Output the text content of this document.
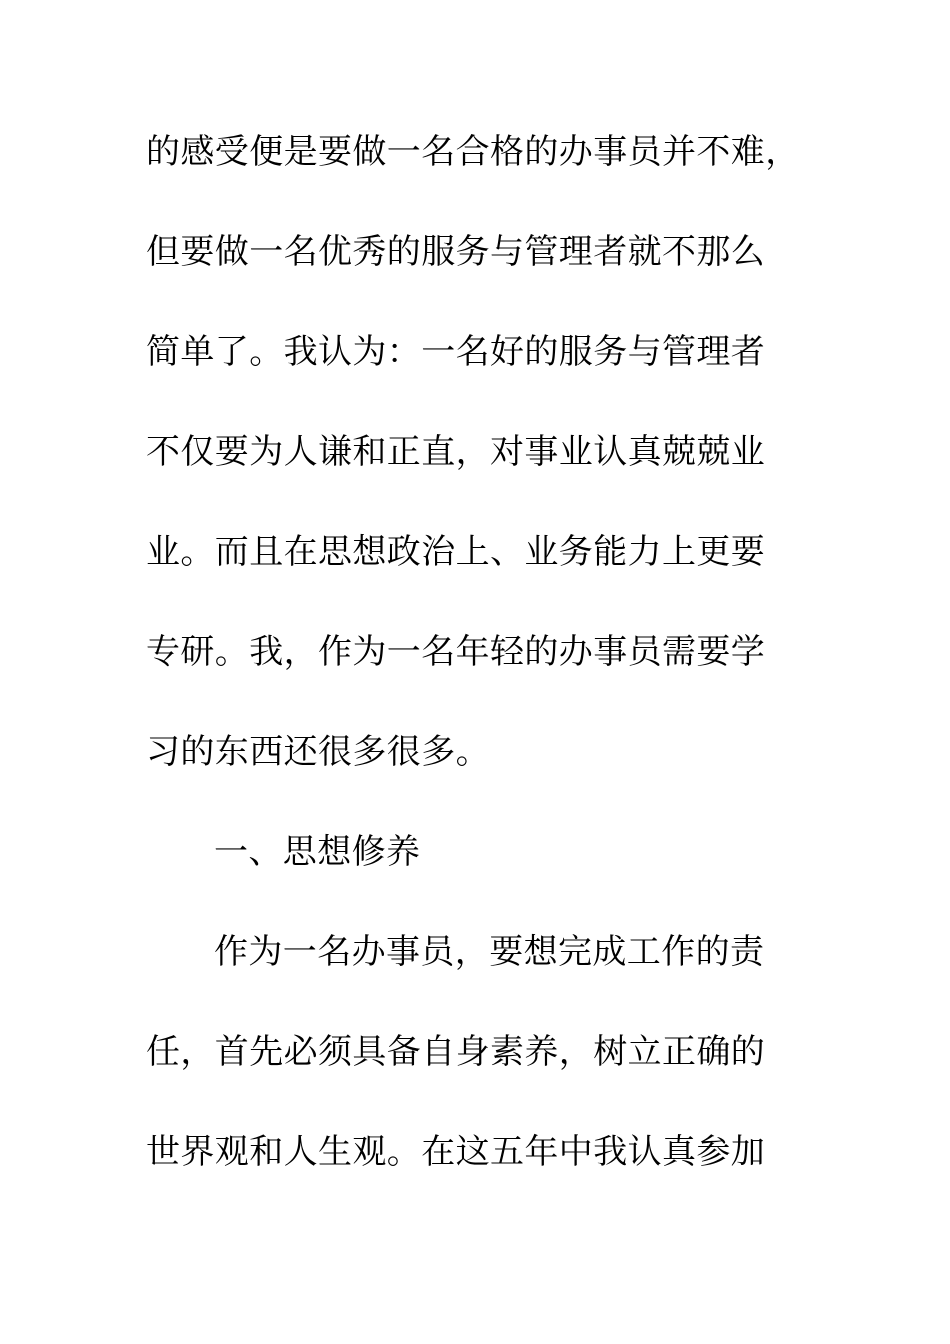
的感受便是要做一名合格的办事员并不难，
但要做一名优秀的服务与管理者就不那么
简单了。我认为：一名好的服务与管理者
不仅要为人谦和正直，对事业认真兢兢业
业。而且在思想政治上、业务能力上更要
专研。我，作为一名年轻的办事员需要学
习的东西还很多很多。
一、思想修养
作为一名办事员，要想完成工作的责
任，首先必须具备自身素养，树立正确的
世界观和人生观。在这五年中我认真参加
